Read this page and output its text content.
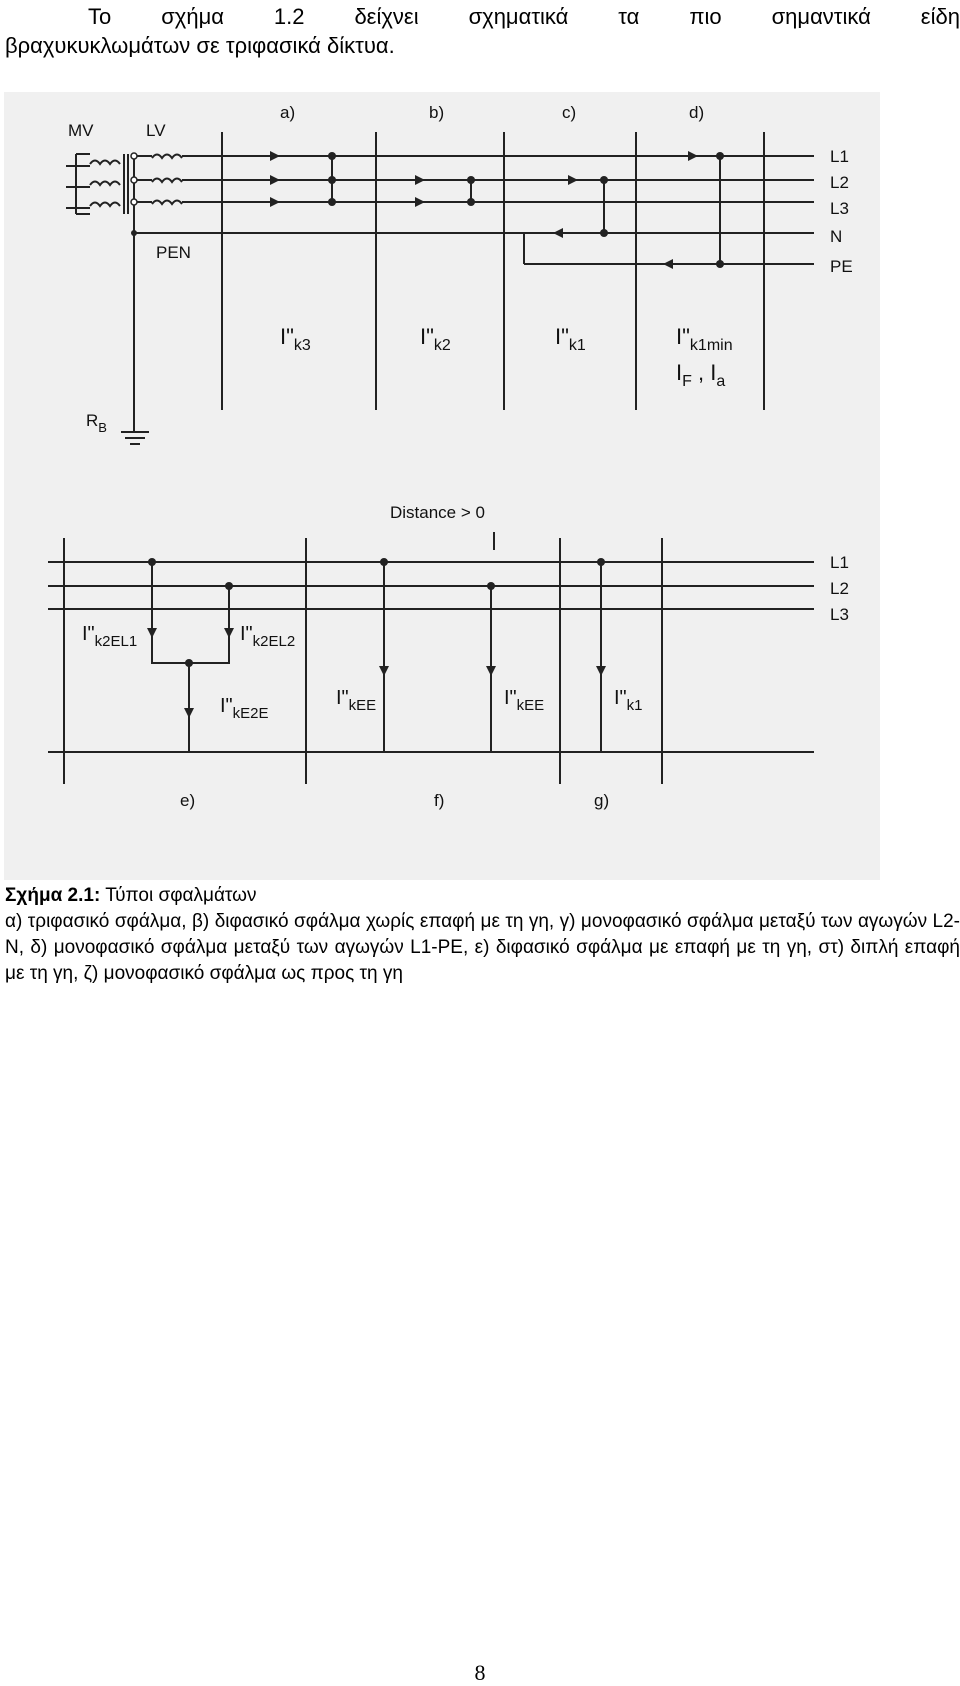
Το σχήμα 1.2 δείχνει σχηματικά τα πιο σημαντικά είδη
βραχυκυκλωμάτων σε τριφασικά δίκτυα.
MV	LV
PEN
$R_B$
a)	b)	c)	d)
L1
L2
L3
N
PE
$I"_{k3}$	$I"_{k2}$	$I"_{k1}$	$I"_{k1min}$
$I_F$ , $I_a$
Distance > 0
L1
L2
L3
e)	f)	g)
$I"_{k2EL1}$	$I"_{k2EL2}$
$I"_{kE2E}$
$I"_{kEE}$	$I"_{kEE}$	$I"_{k1}$
Σχήμα 2.1: Τύποι σφαλμάτων
α) τριφασικό σφάλμα, β) διφασικό σφάλμα χωρίς επαφή με τη γη, γ) μονοφασικό σφάλμα μεταξύ των αγωγών L2-N, δ) μονοφασικό σφάλμα μεταξύ των αγωγών L1-PE, ε) διφασικό σφάλμα με επαφή με τη γη, στ) διπλή επαφή με τη γη, ζ) μονοφασικό σφάλμα ως προς τη γη
8
